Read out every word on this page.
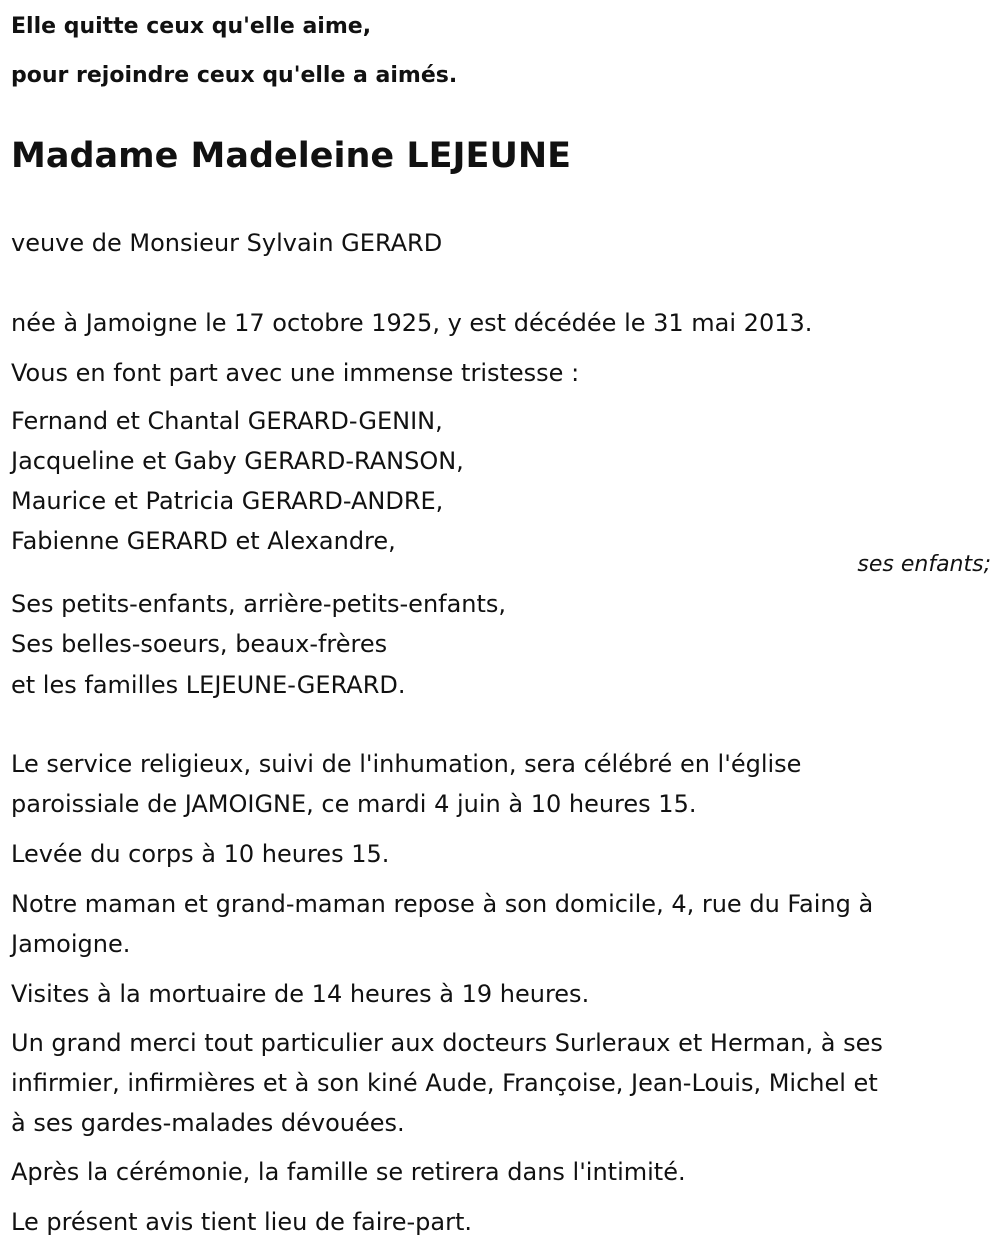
Elle quitte ceux qu'elle aime,
pour rejoindre ceux qu'elle a aimés.
Madame Madeleine LEJEUNE
veuve de Monsieur Sylvain GERARD
née à Jamoigne le 17 octobre 1925, y est décédée le 31 mai 2013.
Vous en font part avec une immense tristesse :
Fernand et Chantal GERARD-GENIN,
Jacqueline et Gaby GERARD-RANSON,
Maurice et Patricia GERARD-ANDRE,
Fabienne GERARD et Alexandre,
ses enfants;
Ses petits-enfants, arrière-petits-enfants,
Ses belles-soeurs, beaux-frères
et les familles LEJEUNE-GERARD.
Le service religieux, suivi de l'inhumation, sera célébré en l'église
paroissiale de JAMOIGNE, ce mardi 4 juin à 10 heures 15.
Levée du corps à 10 heures 15.
Notre maman et grand-maman repose à son domicile, 4, rue du Faing à
Jamoigne.
Visites à la mortuaire de 14 heures à 19 heures.
Un grand merci tout particulier aux docteurs Surleraux et Herman, à ses
infirmier, infirmières et à son kiné Aude, Françoise, Jean-Louis, Michel et
à ses gardes-malades dévouées.
Après la cérémonie, la famille se retirera dans l'intimité.
Le présent avis tient lieu de faire-part.
